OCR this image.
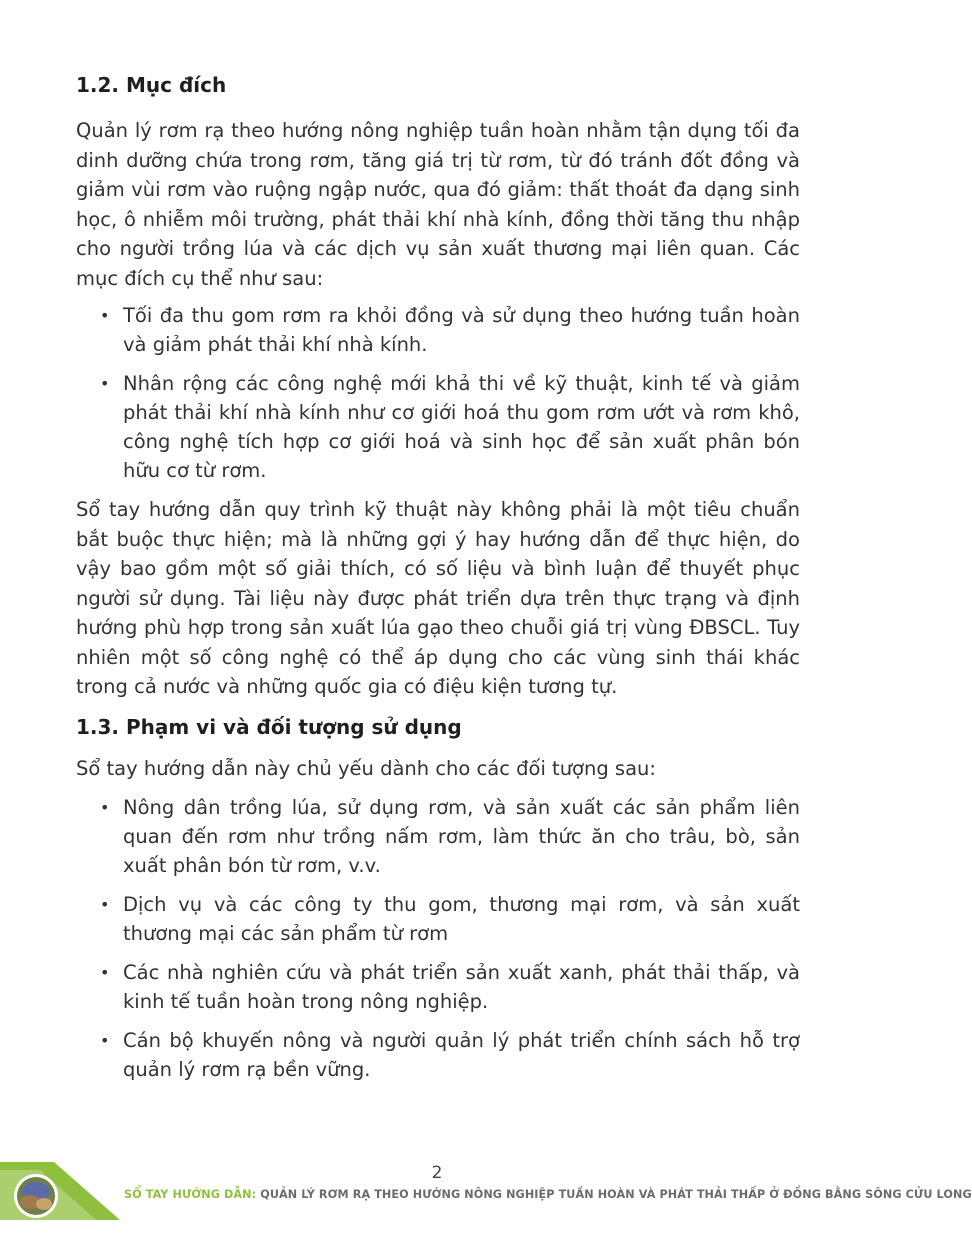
1.2. Mục đích

Quản lý rơm rạ theo hướng nông nghiệp tuần hoàn nhằm tận dụng tối đa dinh dưỡng chứa trong rơm, tăng giá trị từ rơm, từ đó tránh đốt đồng và giảm vùi rơm vào ruộng ngập nước, qua đó giảm: thất thoát đa dạng sinh học, ô nhiễm môi trường, phát thải khí nhà kính, đồng thời tăng thu nhập cho người trồng lúa và các dịch vụ sản xuất thương mại liên quan. Các mục đích cụ thể như sau:

• Tối đa thu gom rơm ra khỏi đồng và sử dụng theo hướng tuần hoàn và giảm phát thải khí nhà kính.
• Nhân rộng các công nghệ mới khả thi về kỹ thuật, kinh tế và giảm phát thải khí nhà kính như cơ giới hoá thu gom rơm ướt và rơm khô, công nghệ tích hợp cơ giới hoá và sinh học để sản xuất phân bón hữu cơ từ rơm.

Sổ tay hướng dẫn quy trình kỹ thuật này không phải là một tiêu chuẩn bắt buộc thực hiện; mà là những gợi ý hay hướng dẫn để thực hiện, do vậy bao gồm một số giải thích, có số liệu và bình luận để thuyết phục người sử dụng. Tài liệu này được phát triển dựa trên thực trạng và định hướng phù hợp trong sản xuất lúa gạo theo chuỗi giá trị vùng ĐBSCL. Tuy nhiên một số công nghệ có thể áp dụng cho các vùng sinh thái khác trong cả nước và những quốc gia có điệu kiện tương tự.

1.3. Phạm vi và đối tượng sử dụng

Sổ tay hướng dẫn này chủ yếu dành cho các đối tượng sau:

• Nông dân trồng lúa, sử dụng rơm, và sản xuất các sản phẩm liên quan đến rơm như trồng nấm rơm, làm thức ăn cho trâu, bò, sản xuất phân bón từ rơm, v.v.
• Dịch vụ và các công ty thu gom, thương mại rơm, và sản xuất thương mại các sản phẩm từ rơm
• Các nhà nghiên cứu và phát triển sản xuất xanh, phát thải thấp, và kinh tế tuần hoàn trong nông nghiệp.
• Cán bộ khuyến nông và người quản lý phát triển chính sách hỗ trợ quản lý rơm rạ bền vững.
2
SỔ TAY HƯỚNG DẪN: QUẢN LÝ RƠM RẠ THEO HƯỚNG NÔNG NGHIỆP TUẦN HOÀN VÀ PHÁT THẢI THẤP Ở ĐỒNG BẰNG SÔNG CỬU LONG
